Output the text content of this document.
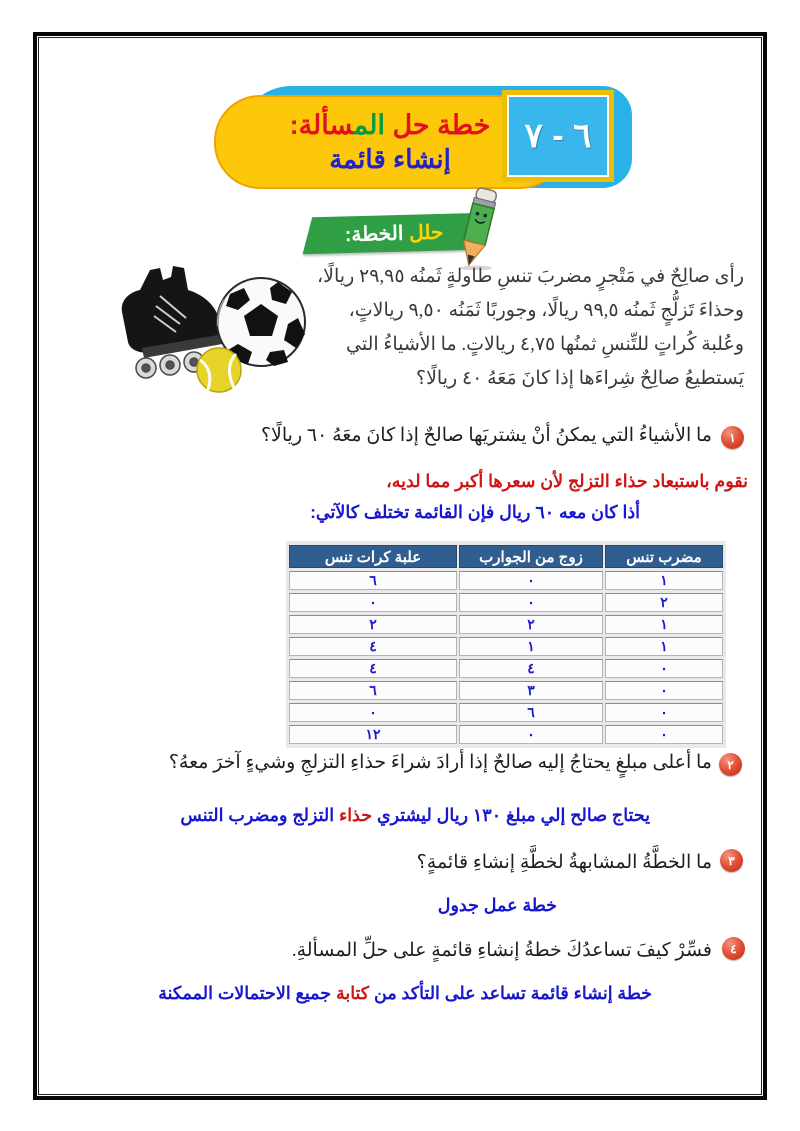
خطة حل المسألة:
إنشاء قائمة
٦ - ٧
حلل الخطة:
رأى صالِحٌ في مَتْجرٍ مضربَ تنسِ طاولةٍ ثَمنُه ٢٩,٩٥ ريالًا،
وحذاءَ تَزلُّجٍ ثَمنُه ٩٩,٥ ريالًا، وجوربًا ثَمَنُه ٩,٥٠ ريالاتٍ،
وعُلبة كُراتٍ للتِّنسِ ثمنُها ٤,٧٥ ريالاتٍ. ما الأشياءُ التي
يَستطيعُ صالِحٌ شِراءَها إذا كانَ مَعَهُ ٤٠ ريالًا؟
١
ما الأشياءُ التي يمكنُ أنْ يشتريَها صالحٌ إذا كانَ معَهُ ٦٠ ريالًا؟
نقوم باستبعاد حذاء التزلج لأن سعرها أكبر مما لديه،
أذا كان معه ٦٠ ريال فإن القائمة تختلف كالآتي:
مضرب تنس	زوج من الجوارب	علبة كرات تنس
١	٠	٦
٢	٠	٠
١	٢	٢
١	١	٤
٠	٤	٤
٠	٣	٦
٠	٦	٠
٠	٠	١٢
٢
ما أعلى مبلغٍ يحتاجُ إليه صالحٌ إذا أرادَ شراءَ حذاءِ التزلجِ وشيءٍ آخرَ معهُ؟
يحتاج صالح إلي مبلغ ١٣٠ ريال ليشتري حذاء التزلج ومضرب التنس
٣
ما الخطَّةُ المشابهةُ لخطَّةِ إنشاءِ قائمةٍ؟
خطة عمل جدول
٤
فسِّرْ كيفَ تساعدُكَ خطةُ إنشاءِ قائمةٍ على حلِّ المسألةِ.
خطة إنشاء قائمة تساعد على التأكد من كتابة جميع الاحتمالات الممكنة
